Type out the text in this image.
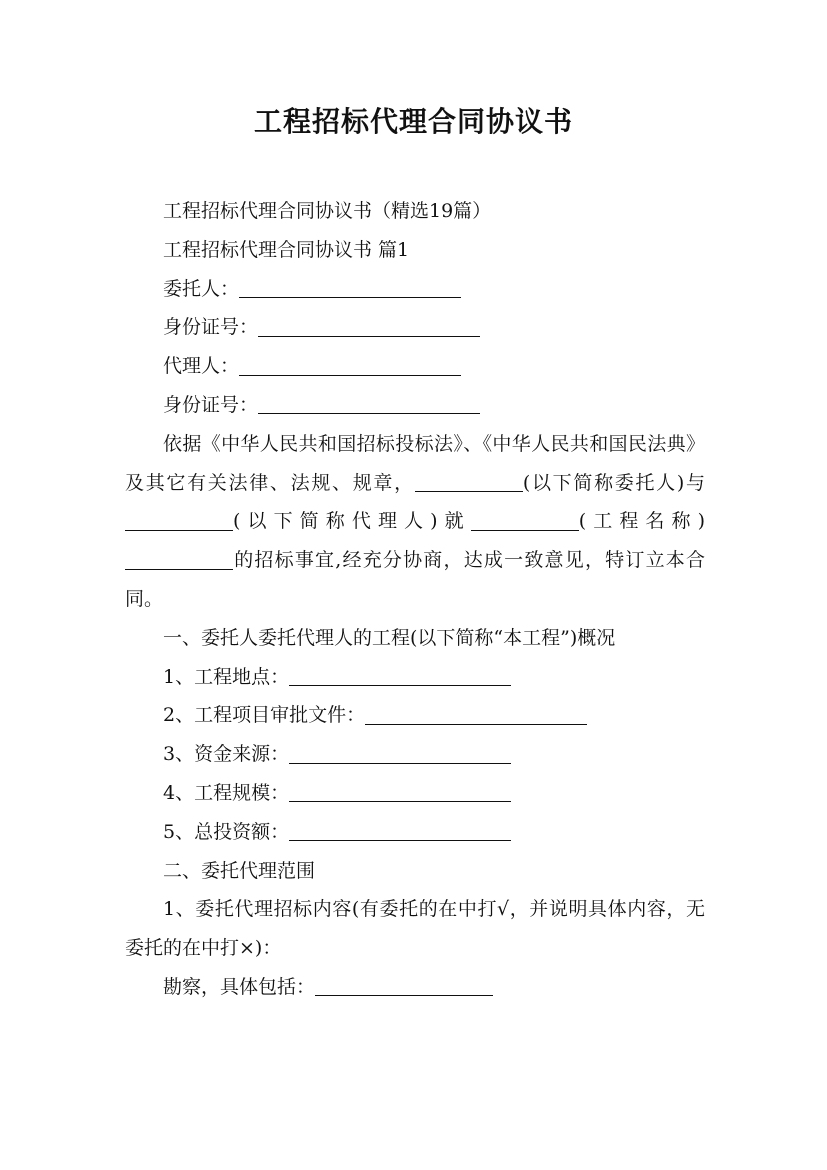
工程招标代理合同协议书

工程招标代理合同协议书（精选19篇）

工程招标代理合同协议书 篇1

委托人：

身份证号：

代理人：

身份证号：

依据《中华人民共和国招标投标法》、《中华人民共和国民法典》及其它有关法律、法规、规章，	(以下简称委托人)与(以下简称代理人)就	(工程名称)的招标事宜,经充分协商，达成一致意见，特订立本合同。

一、委托人委托代理人的工程(以下简称“本工程”)概况

1、工程地点：

2、工程项目审批文件：

3、资金来源：

4、工程规模：

5、总投资额：

二、委托代理范围

1、委托代理招标内容(有委托的在中打√，并说明具体内容，无委托的在中打×)：

勘察，具体包括：
